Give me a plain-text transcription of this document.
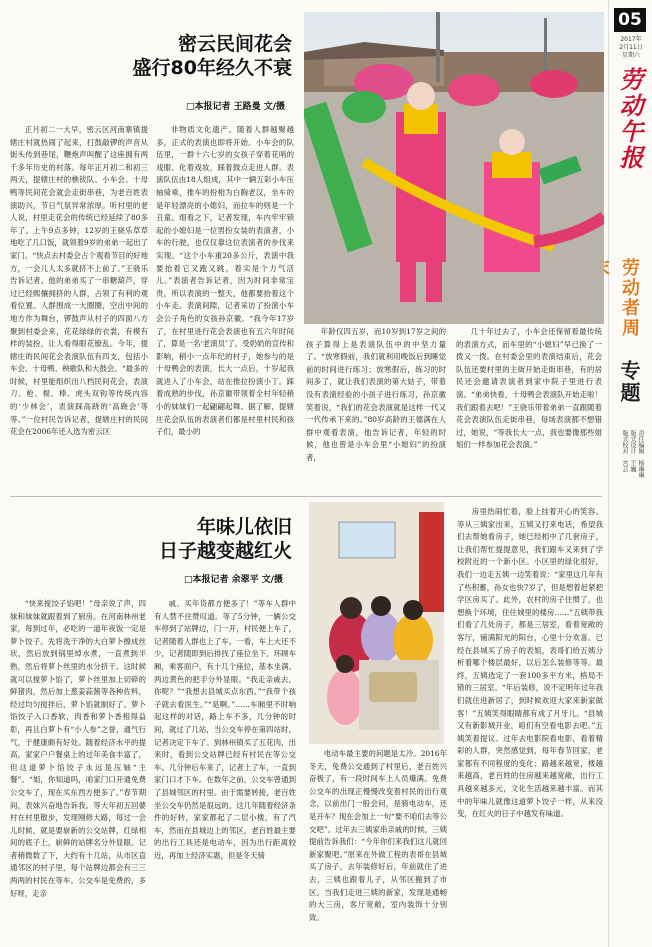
05
2017年
2月11日
星期六
劳动午报
劳动者周
专题
责任编辑　杨琳琳
版式设计　王巍
版式校对　宫芸
密云民间花会
盛行80年经久不衰
□本报记者 王路曼 文/摄

正月初二一大早，密云区河南寨镇提辖庄村就热闹了起来，打鼓敲锣的声音从街头传到巷尾，鞭炮声叫醒了这座拥有两千多年历史的村落。每年正月初二和初三两天，提辖庄村的樵钹队、小车会、十母鸭等民间花会就会走街串巷，为老百姓表演助兴，节日气氛异常浓厚。听村里的老人说，村里走花会的传统已经延续了80多年了。上午9点多钟，12岁的王骁乐草草地吃了几口饭，就领着9岁的弟弟一起出了家门。“快点去村委会占个观看节目的好地方，一会儿人太多就挤不上前了。”王骁乐告诉记者。他的弟弟买了一串糖葫芦，穿过已经熙攘拥挤的人群，占领了有利的观看位置。人群围成一大圈圈，空出中间的地方作为舞台，锣鼓声从村子的四面八方聚到村委会来，花花绿绿的衣裳，有模有样的装扮，让人看得眼花缭乱。今年，提辖庄的民间花会表演队伍有四支，包括小车会、十母鸭、秧歌队和大鼓会。“最多的时候，村里能组织出八档民间花会，表演刀、枪、棍、棒、虎头双钩等传统内容的‘少林会’，表演踩高跷的‘高跷会’等等。”一位村民告诉记者，提辖庄村的民间花会在2006年还入选为密云区

非物质文化遗产。随着人群越聚越多，正式的表演也即将开始。小车会的队伍里，一群十六七岁的女孩子穿着花哨的戏服、化着戏妆，踩着鼓点走进人群。表演队伍由18人组成，其中一辆五彩小车压轴骑乘，推车的扮相为白胸老汉，坐车的是年轻漂亮的小媳妇，而拉车的则是一个丑童。细看之下，记者发现，车内牢牢锁起的小媳妇是一位男扮女装的表演者，小车的行驶，也仅仅靠这位表演者的步伐来实现。“这个小车重20多公斤，表演中我要抬着它又跑又跳，着实是个力气活儿。”表演者告诉记者，因为时间非常宝贵，所以表演的一整天，他都要抬着这个小车走。表演间隙，记者采访了扮演小车会公子角色的女孩孙京徽。“我今年17岁了，在村里进行花会表演也有五六年时间了，算是一名‘老演员’了。受奶奶的宣传和影响，稍小一点年纪的村子，她参与的是十母鸭会的表演，长大一点后，十岁起我就进入了小车会，站在推拉扮演小丁。踩着成熟的步伐，孙京徽带领着全村年轻稍小的妹妹们一起翩翩起舞。据了解，提辖庄花会队伍的表演者们都是村里村民和孩子们，最小的

年龄仅四五岁，而10岁到17岁之间的孩子算得上是表演队伍中的中坚力量了。“放寒假前，我们就利用晚饭后到睡觉前的时间进行练习；放寒假后，练习的时间多了，就让我们表演的第大姑子，带着没有表演经验的小孩子进行练习，孙京徽笑着说，“我们的花会表演就是这样一代又一代传承下来的。”80岁高龄的王德满在人群中观看表演，他告诉记者，年轻的时候，他也曾是小车会里“小媳妇”的扮演者，

几十年过去了，小车会还保留着最传统的表演方式，而车里的“小媳妇”早已换了一拨又一拨。在村委会里的表演结束后，花会队伍还要村里的主街开始走街串巷，有的居民还会邀请表演者到家中院子里进行表演。“弟弟快看，十母鸭会表演队开始走啦！我们跟着去吧！”王骁乐带着弟弟一直跟随着花会表演队伍走街串巷，每场表演都不想错过，她说，“等我长大一点，我也要像那些姐姐们一样参加花会表演。”

年味儿依旧
日子越变越红火
□本报记者 余翠平 文/摄

“快来搅饺子馅吧！”母亲说了声，四妹和妹妹就跟着到了厨房。在河南林州老家，每到过年，必吃的一道年夜饭一定是萝卜饺子。先将洗干净的大白萝卜擦成丝状，然后放到锅里焯水煮，一直煮到半熟，然后将萝卜丝里的水分挤干。这时候就可以搅萝卜馅了，萝卜丝里加上切碎的鲜猪肉，然后加上葱姜蒜酱等各种佐料，经过均匀搅拌后，萝卜馅就制好了。萝卜馅饺子入口香软，肉香和萝卜香相得益彰，再且白萝卜有“小人参”之誉，通气行气，于健康颇有好处。随着经济水平的提高，家家户户餐桌上的过年美食丰富了，但这道萝卜馅饺子永远是压轴“主餐”。“姐，你知道吗，咱家门口开通免费公交车了，现在买东西方便多了。”春节期间，表妹兴奋地告诉我。等大年初五回婆村在村里散步，发现刚修大路，每过一会儿时候，就是要崭新的公交站牌，红绿相间的底子上，崭鲜的站牌名分外显眼。记者稍微数了下，大约有十几站，从市区直通邻区的村子里，每个站牌边都会有三三两两的村民在等车。公交车是免费的，多好呀，走亲

戚、买年货都方便多了！”等车人群中有人禁不住赞叹道。等了5分钟，一辆公交车停到了站牌边，门一开，村民便上车了，记者随着人群也上了车。一看，车上大还不少，记者随即到后排找了座位坐下。环顾车厢，乘客面户，有十几个座位，基本坐满。两边黄色的把手分外显眼。“我走亲戚去，你呢？”“我想去县城买点东西。”“我带个孩子就去看医生。”“是啊。”……车厢里不时响起这样的对话，路上车不多，几分钟的时间，就过了几站，当公交车停在第四站时，记者决定下车了。到林州镇买了五花肉，出来时，看到公交站牌已经有村民在等公交车。几分钟后车来了，记者上了车，一直到家门口才下车。在数年之前，公交车曾通到了县城邻区的村里。由于需要转接，老百姓坐公交车仍然是很远的。这几年随着经济条件的好转，家家都起了二层小楼，有了汽车，然而在县城边上的邻区，老百姓最主要的出行工具还是电动车，因为出行距离较近，再加上经济实惠，但是冬天骑

电动车最主要的问题是太冷。2016年冬天，免费公交通到了村里后，老百姓兴奋极了，有一段时间车上人员爆满。免费公交车的出现正慢慢改变着村民的出行观念，以前出门一般会问，是骑电动车，还是开车？现在会加上一句“要不咱们去等公交吧”。过年去三姨家串亲戚的时候，三姨提前告诉我们：“今年你们来我们这儿就回新家聚吧。”原来在外做工程的表哥在县城买了房子，去年装修好后，年前就住了进去，三姨也跟着儿子，从邻区搬到了市区。当我们走进三姨的新家，发现是通畅的大三房，客厅宽敞，室内装饰十分别致。

房里热闹忙着，脸上挂着开心的笑容。等从三姨家出来，五姨又打来电话，希望我们去帮她看房子，她已经相中了几套房子，让我们帮忙提提意见，我们跟车又来到了学校附近的一个新小区。小区里的绿化很好，我们一边走五姨一边笑着说：“家里这几年有了些积蓄，孙女也快7岁了，但是想着赶紧把学区房买了。此外，农村的房子住惯了，也想换个环境，住住城里的楼房……”五姨带我们看了几处房子，都是三居室，看着宽敞的客厅，铺满阳光的阳台，心里十分欢喜。已经在县城买了房子的表姐，表哥们给五姨分析着哪个楼层最好，以后怎么装修等等。最终，五姨选定了一套100多平方米，格局不错的三居室。“年后装修，说不定明年过年我们就住进新居了，到时候欢迎大家来新家做客！”五姨笑得眼睛都有成了月牙儿。“县城又有新影城开业，咱们有空看电影去吧。”五姨笑着提议。过年去电影院看电影，看着精彩的人群，突然感觉到，每年春节回家，老家都有不同程度的变化；路越来越宽，楼越来越高，老百姓的住房越来越宽敞，出行工具越来越多元，文化生活越来越丰富。而其中的年味儿就像这道萝卜饺子一样，从来没变，在红火的日子中越发有味道。
